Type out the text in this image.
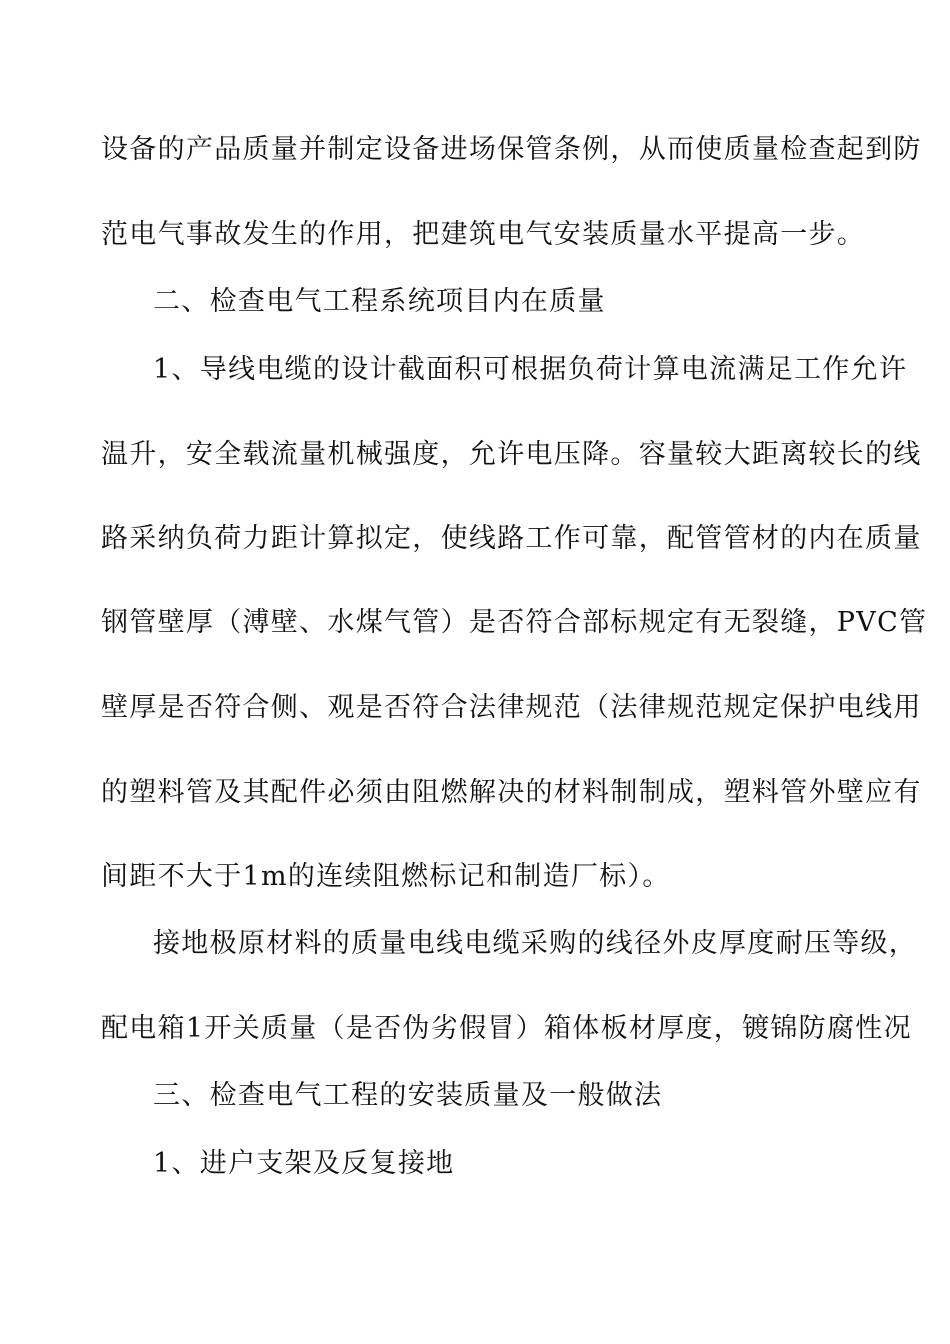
设备的产品质量并制定设备进场保管条例，从而使质量检查起到防
范电气事故发生的作用，把建筑电气安装质量水平提高一步。
二、检查电气工程系统项目内在质量
1、导线电缆的设计截面积可根据负荷计算电流满足工作允许
温升，安全载流量机械强度，允许电压降。容量较大距离较长的线
路采纳负荷力距计算拟定，使线路工作可靠，配管管材的内在质量
钢管壁厚（溥壁、水煤气管）是否符合部标规定有无裂缝，PVC管
壁厚是否符合侧、观是否符合法律规范（法律规范规定保护电线用
的塑料管及其配件必须由阻燃解决的材料制制成，塑料管外壁应有
间距不大于1m的连续阻燃标记和制造厂标）。
接地极原材料的质量电线电缆采购的线径外皮厚度耐压等级，
配电箱1开关质量（是否伪劣假冒）箱体板材厚度，镀锦防腐性况
三、检查电气工程的安装质量及一般做法
1、进户支架及反复接地
